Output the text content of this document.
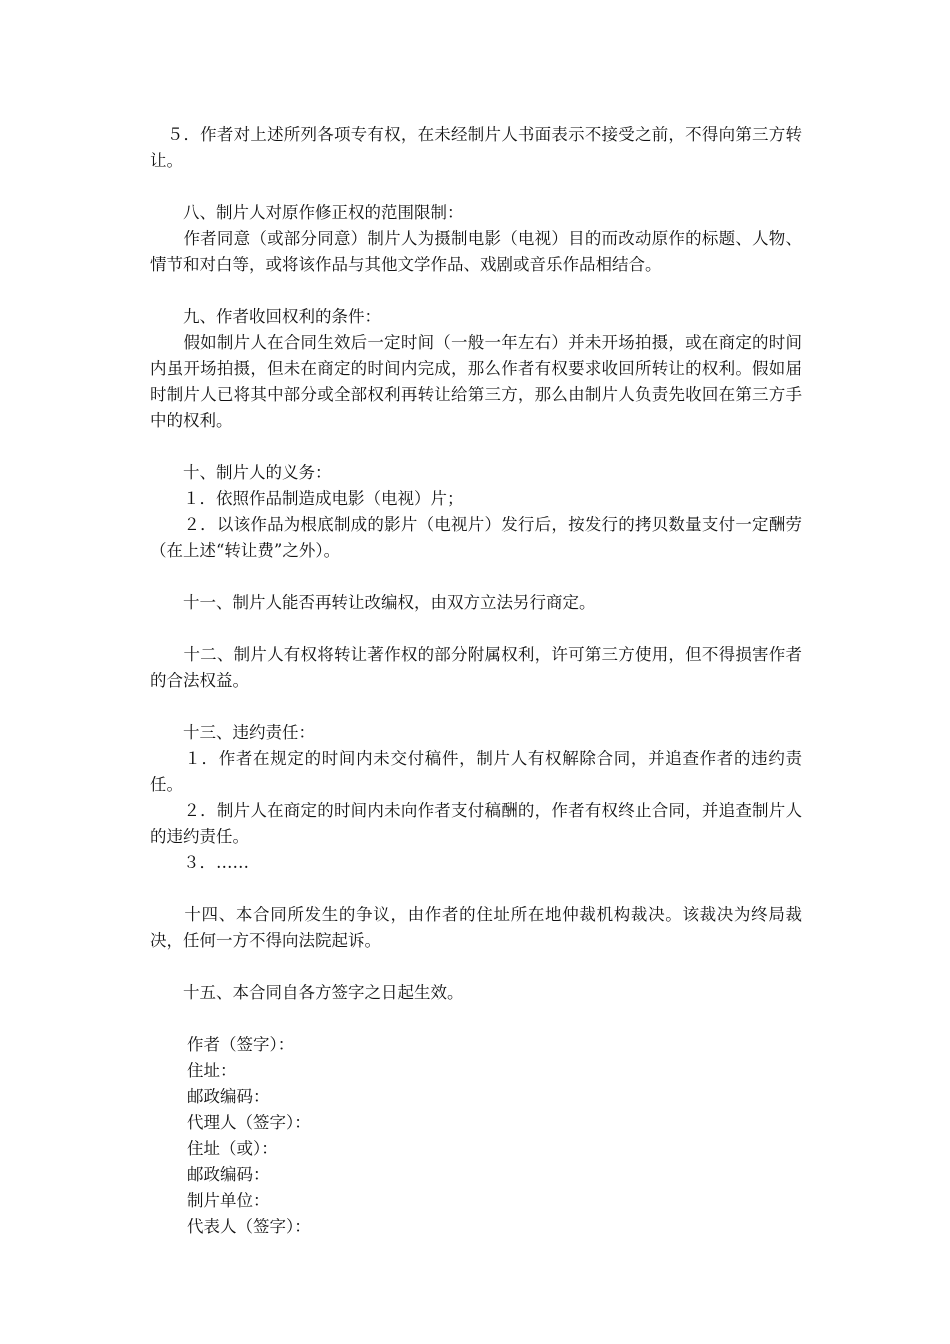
　５．作者对上述所列各项专有权，在未经制片人书面表示不接受之前，不得向第三方转让。

　　八、制片人对原作修正权的范围限制：

　　作者同意（或部分同意）制片人为摄制电影（电视）目的而改动原作的标题、人物、情节和对白等，或将该作品与其他文学作品、戏剧或音乐作品相结合。

　　九、作者收回权利的条件：

　　假如制片人在合同生效后一定时间（一般一年左右）并未开场拍摄，或在商定的时间内虽开场拍摄，但未在商定的时间内完成，那么作者有权要求收回所转让的权利。假如届时制片人已将其中部分或全部权利再转让给第三方，那么由制片人负责先收回在第三方手中的权利。

　　十、制片人的义务：

　　１．依照作品制造成电影（电视）片；

　　２．以该作品为根底制成的影片（电视片）发行后，按发行的拷贝数量支付一定酬劳（在上述“转让费”之外）。

　　十一、制片人能否再转让改编权，由双方立法另行商定。

　　十二、制片人有权将转让著作权的部分附属权利，许可第三方使用，但不得损害作者的合法权益。

　　十三、违约责任：

　　１．作者在规定的时间内未交付稿件，制片人有权解除合同，并追查作者的违约责任。

　　２．制片人在商定的时间内未向作者支付稿酬的，作者有权终止合同，并追查制片人的违约责任。

　　３．……

　　十四、本合同所发生的争议，由作者的住址所在地仲裁机构裁决。该裁决为终局裁决，任何一方不得向法院起诉。

　　十五、本合同自各方签字之日起生效。

作者（签字）：

住址：

邮政编码：

代理人（签字）：

住址（或）：

邮政编码：

制片单位：

代表人（签字）：
